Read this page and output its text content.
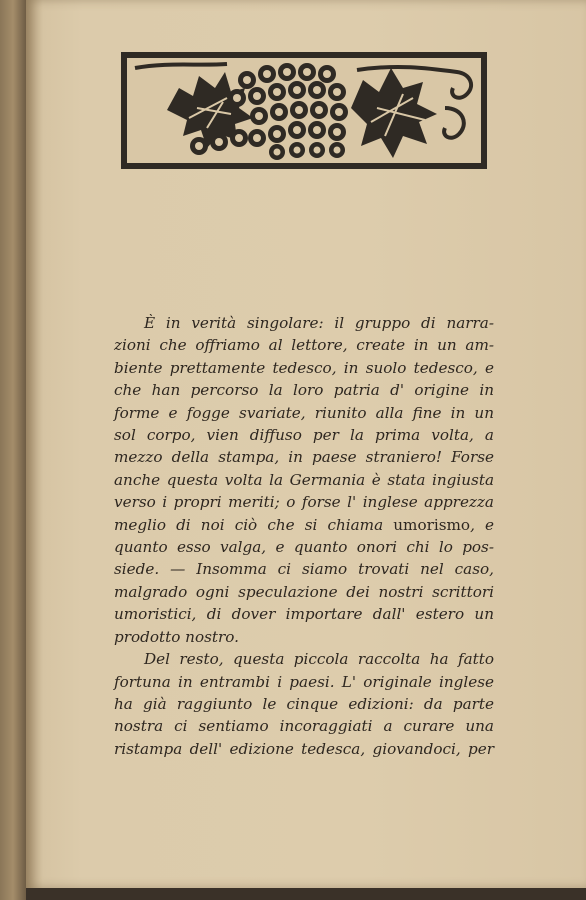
È in verità singolare: il gruppo di narra-
zioni che offriamo al lettore, create in un am-
biente prettamente tedesco, in suolo tedesco, e
che han percorso la loro patria d' origine in
forme e fogge svariate, riunito alla fine in un
sol corpo, vien diffuso per la prima volta, a
mezzo della stampa, in paese straniero! Forse
anche questa volta la Germania è stata ingiusta
verso i propri meriti; o forse l' inglese apprezza
meglio di noi ciò che si chiama umorismo, e
quanto esso valga, e quanto onori chi lo pos-
siede. — Insomma ci siamo trovati nel caso,
malgrado ogni speculazione dei nostri scrittori
umoristici, di dover importare dall' estero un
prodotto nostro.

Del resto, questa piccola raccolta ha fatto
fortuna in entrambi i paesi. L' originale inglese
ha già raggiunto le cinque edizioni: da parte
nostra ci sentiamo incoraggiati a curare una
ristampa dell' edizione tedesca, giovandoci, per
